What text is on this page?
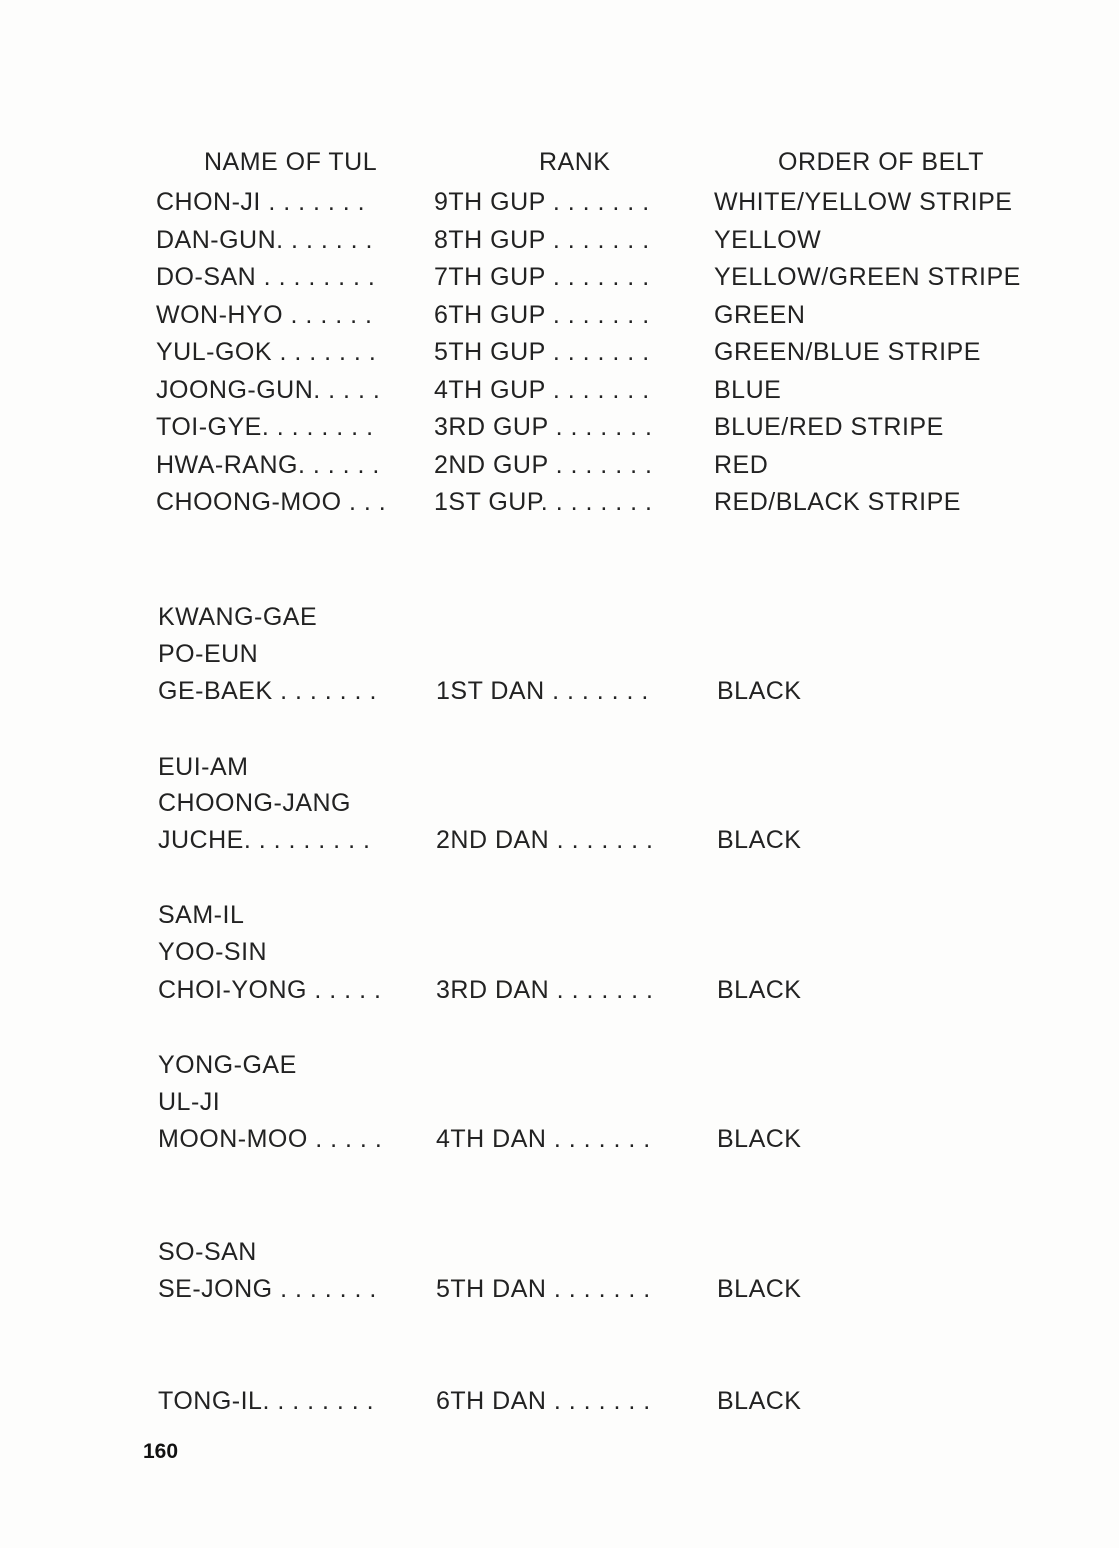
NAME OF TUL	RANK	ORDER OF BELT
CHON-JI . . . . . . .	9TH GUP . . . . . . .	WHITE/YELLOW STRIPE
DAN-GUN. . . . . . . 8TH GUP . . . . . . .	YELLOW
DO-SAN . . . . . . . . 7TH GUP . . . . . . .	YELLOW/GREEN STRIPE
WON-HYO . . . . . . 6TH GUP . . . . . . .	GREEN
YUL-GOK . . . . . . . 5TH GUP . . . . . . .	GREEN/BLUE STRIPE
JOONG-GUN. . . . . 4TH GUP . . . . . . .	BLUE
TOI-GYE. . . . . . . . 3RD GUP . . . . . . . BLUE/RED STRIPE
HWA-RANG. . . . . . 2ND GUP . . . . . . . RED
CHOONG-MOO . . . 1ST GUP. . . . . . . . RED/BLACK STRIPE
KWANG-GAE
PO-EUN
GE-BAEK . . . . . . . 1ST DAN . . . . . . .	BLACK
EUI-AM
CHOONG-JANG
JUCHE. . . . . . . . .	2ND DAN . . . . . . .	BLACK
SAM-IL
YOO-SIN
CHOI-YONG . . . . . 3RD DAN . . . . . . .	BLACK
YONG-GAE
UL-JI
MOON-MOO . . . . . 4TH DAN . . . . . . .	BLACK
SO-SAN
SE-JONG . . . . . . . 5TH DAN . . . . . . .	BLACK
TONG-IL. . . . . . . . 6TH DAN . . . . . . .	BLACK
160
